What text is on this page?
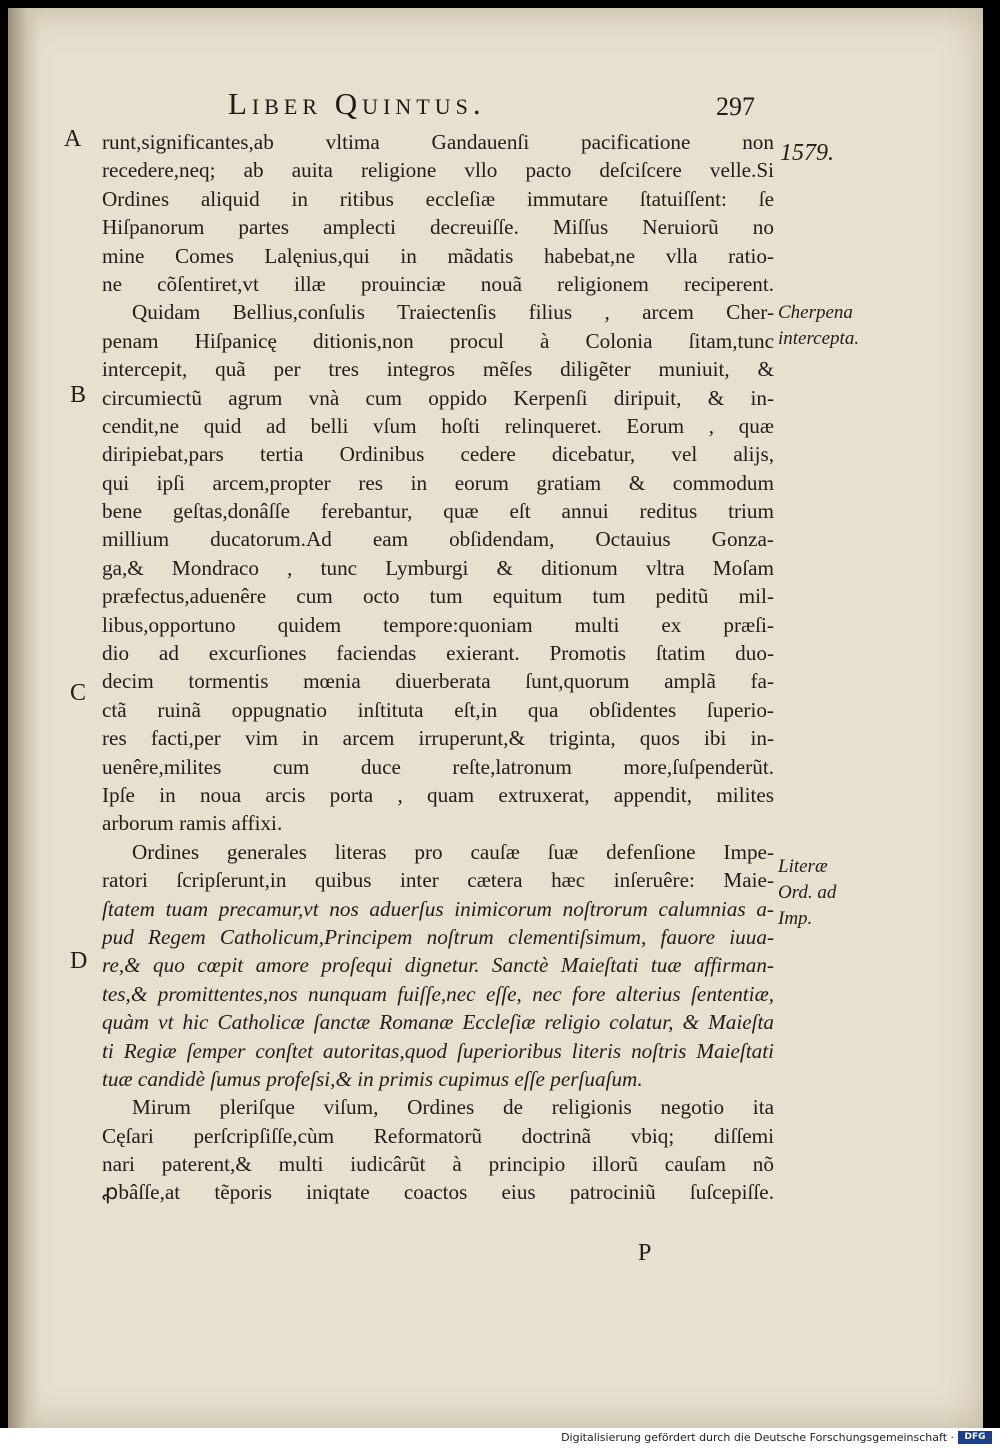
Liber Quintus.	297
1579.
Cherpena
intercepta.
Literæ
Ord. ad
Imp.
A
B
C
D
runt,significantes,ab vltima Gandauenſi pacificatione non
recedere,neq; ab auita religione vllo pacto deſciſcere velle.Si
Ordines aliquid in ritibus eccleſiæ immutare ſtatuiſſent: ſe
Hiſpanorum partes amplecti decreuiſſe. Miſſus Neruiorũ no
mine Comes Lalęnius,qui in mãdatis habebat,ne vlla ratio-
ne cõſentiret,vt illæ prouinciæ nouã religionem reciperent.
Quidam Bellius,conſulis Traiectenſis filius , arcem Cher-
penam Hiſpanicę ditionis,non procul à Colonia ſitam,tunc
intercepit, quã per tres integros mẽſes diligẽter muniuit, &
circumiectũ agrum vnà cum oppido Kerpenſi diripuit, & in-
cendit,ne quid ad belli vſum hoſti relinqueret. Eorum , quæ
diripiebat,pars tertia Ordinibus cedere dicebatur, vel alijs,
qui ipſi arcem,propter res in eorum gratiam & commodum
bene geſtas,donâſſe ferebantur, quæ eſt annui reditus trium
millium ducatorum.Ad eam obſidendam, Octauius Gonza-
ga,& Mondraco , tunc Lymburgi & ditionum vltra Moſam
præfectus,aduenêre cum octo tum equitum tum peditũ mil-
libus,opportuno quidem tempore:quoniam multi ex præſi-
dio ad excurſiones faciendas exierant. Promotis ſtatim duo-
decim tormentis mœnia diuerberata ſunt,quorum amplã fa-
ctã ruinã oppugnatio inſtituta eſt,in qua obſidentes ſuperio-
res facti,per vim in arcem irruperunt,& triginta, quos ibi in-
uenêre,milites cum duce reſte,latronum more,ſuſpenderũt.
Ipſe in noua arcis porta , quam extruxerat, appendit, milites
arborum ramis affixi.
Ordines generales literas pro cauſæ ſuæ defenſione Impe-
ratori ſcripſerunt,in quibus inter cætera hæc inſeruêre: Maie-
ſtatem tuam precamur,vt nos aduerſus inimicorum noſtrorum calumnias a-
pud Regem Catholicum,Principem noſtrum clementiſsimum, fauore iuua-
re,& quo cœpit amore proſequi dignetur. Sanctè Maieſtati tuæ affirman-
tes,& promittentes,nos nunquam fuiſſe,nec eſſe, nec fore alterius ſententiæ,
quàm vt hic Catholicæ ſanctæ Romanæ Eccleſiæ religio colatur, & Maieſta
ti Regiæ ſemper conſtet autoritas,quod ſuperioribus literis noſtris Maieſtati
tuæ candidè ſumus profeſsi,& in primis cupimus eſſe perſuaſum.
Mirum pleriſque viſum, Ordines de religionis negotio ita
Cęſari perſcripſiſſe,cùm Reformatorũ doctrinã vbiq; diſſemi
nari paterent,& multi iudicârũt à principio illorũ cauſam nõ
ꝓbâſſe,at tẽporis iniqtate coactos eius patrociniũ ſuſcepiſſe.
P
Digitalisierung gefördert durch die Deutsche Forschungsgemeinschaft ·	DFG
